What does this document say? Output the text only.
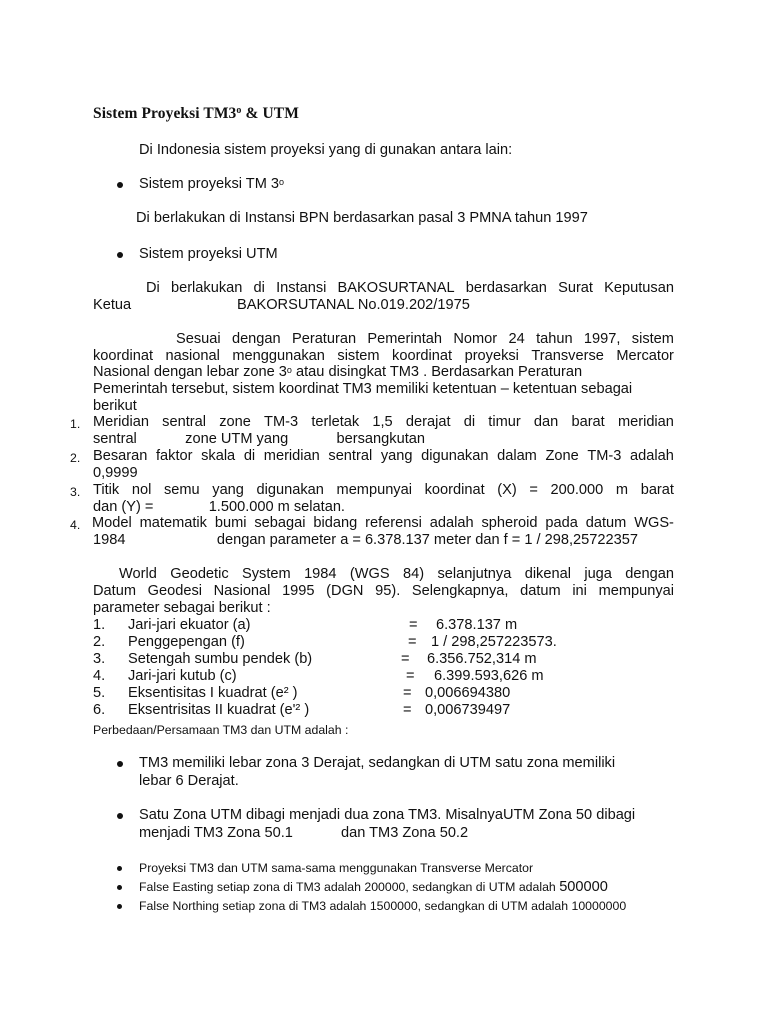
Sistem Proyeksi TM3$^o$ & UTM
Di Indonesia sistem proyeksi yang di gunakan antara lain:
Sistem proyeksi TM 3$^o$
Di berlakukan di Instansi BPN berdasarkan pasal 3 PMNA tahun 1997
Sistem proyeksi UTM
Di berlakukan di Instansi BAKOSURTANAL berdasarkan Surat Keputusan
Ketua	BAKORSUTANAL No.019.202/1975
Sesuai dengan Peraturan Pemerintah Nomor 24 tahun 1997, sistem
koordinat nasional menggunakan sistem koordinat proyeksi Transverse Mercator
Nasional dengan lebar zone 3$^o$ atau disingkat TM3 . Berdasarkan Peraturan
Pemerintah tersebut, sistem koordinat TM3 memiliki ketentuan – ketentuan sebagai
berikut
1. Meridian sentral zone TM-3 terletak 1,5 derajat di timur dan barat meridian
sentral	zone UTM yang	bersangkutan
2. Besaran faktor skala di meridian sentral yang digunakan dalam Zone TM-3 adalah
0,9999
3. Titik nol semu yang digunakan mempunyai koordinat (X) = 200.000 m barat
dan (Y) =	1.500.000 m selatan.
4. Model matematik bumi sebagai bidang referensi adalah spheroid pada datum WGS-
1984	dengan parameter a = 6.378.137 meter dan f = 1 / 298,25722357
World Geodetic System 1984 (WGS 84) selanjutnya dikenal juga dengan
Datum Geodesi Nasional 1995 (DGN 95). Selengkapnya, datum ini mempunyai
parameter sebagai berikut :
1. Jari-jari ekuator (a)	= 6.378.137 m
2. Penggepengan (f)	= 1 / 298,257223573.
3. Setengah sumbu pendek (b)	= 6.356.752,314 m
4. Jari-jari kutub (c)	= 6.399.593,626 m
5. Eksentisitas I kuadrat (e² )	= 0,006694380
6. Eksentrisitas II kuadrat (e'² )	= 0,006739497
Perbedaan/Persamaan TM3 dan UTM adalah :
TM3 memiliki lebar zona 3 Derajat, sedangkan di UTM satu zona memiliki
lebar 6 Derajat.
Satu Zona UTM dibagi menjadi dua zona TM3. MisalnyaUTM Zona 50 dibagi
menjadi TM3 Zona 50.1	dan TM3 Zona 50.2
Proyeksi TM3 dan UTM sama-sama menggunakan Transverse Mercator
False Easting setiap zona di TM3 adalah 200000, sedangkan di UTM adalah 500000
False Northing setiap zona di TM3 adalah 1500000, sedangkan di UTM adalah 10000000
